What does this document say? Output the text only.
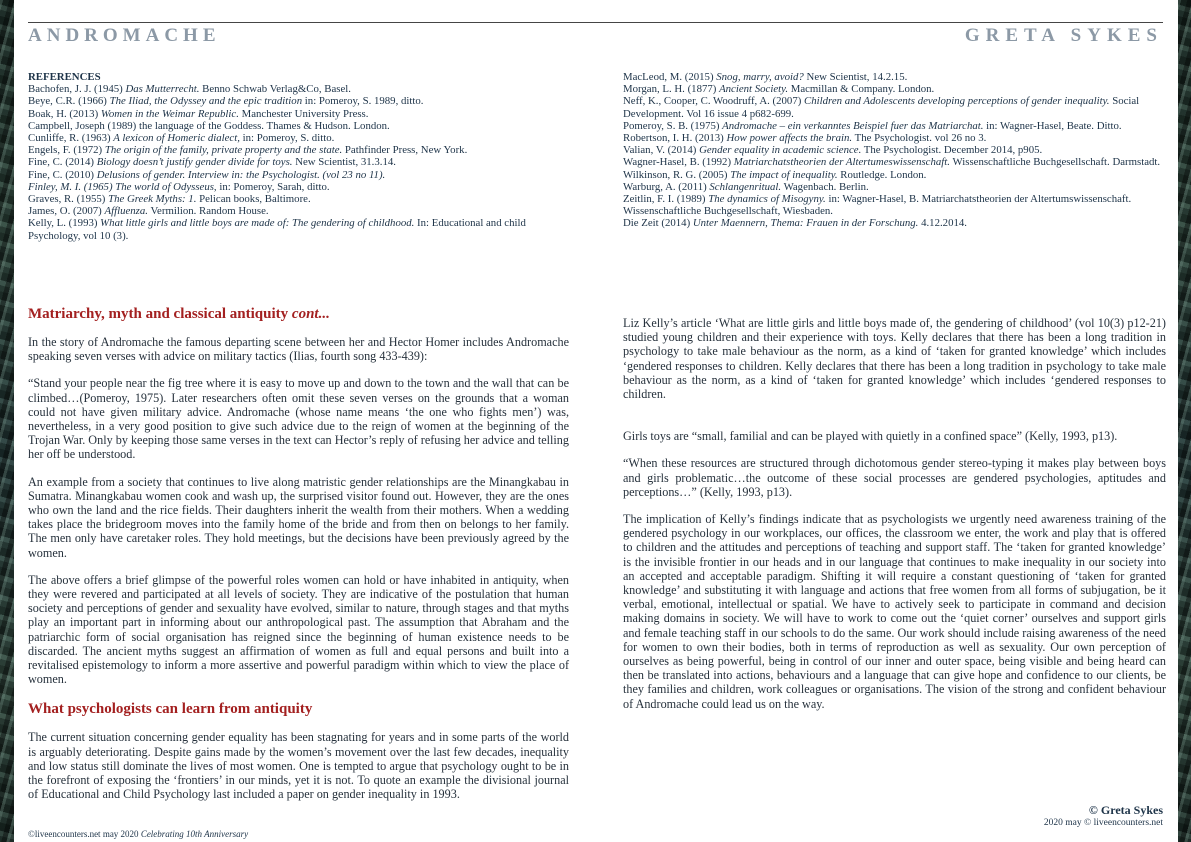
ANDROMACHE	GRETA SYKES
REFERENCES
Bachofen, J. J. (1945) Das Mutterrecht. Benno Schwab Verlag&Co, Basel.
Beye, C.R. (1966) The Iliad, the Odyssey and the epic tradition in: Pomeroy, S. 1989, ditto.
Boak, H. (2013) Women in the Weimar Republic. Manchester University Press.
Campbell, Joseph (1989) the language of the Goddess. Thames & Hudson. London.
Cunliffe, R. (1963) A lexicon of Homeric dialect, in: Pomeroy, S. ditto.
Engels, F. (1972) The origin of the family, private property and the state. Pathfinder Press, New York.
Fine, C. (2014) Biology doesn’t justify gender divide for toys. New Scientist, 31.3.14.
Fine, C. (2010) Delusions of gender. Interview in: the Psychologist. (vol 23 no 11).
Finley, M. I. (1965) The world of Odysseus, in: Pomeroy, Sarah, ditto.
Graves, R. (1955) The Greek Myths: 1. Pelican books, Baltimore.
James, O. (2007) Affluenza. Vermilion. Random House.
Kelly, L. (1993) What little girls and little boys are made of: The gendering of childhood. In: Educational and child Psychology, vol 10 (3).
MacLeod, M. (2015) Snog, marry, avoid? New Scientist, 14.2.15.
Morgan, L. H. (1877) Ancient Society. Macmillan & Company. London.
Neff, K., Cooper, C. Woodruff, A. (2007) Children and Adolescents developing perceptions of gender inequality. Social Development. Vol 16 issue 4 p682-699.
Pomeroy, S. B. (1975) Andromache – ein verkanntes Beispiel fuer das Matriarchat. in: Wagner-Hasel, Beate. Ditto.
Robertson, I. H. (2013) How power affects the brain. The Psychologist. vol 26 no 3.
Valian, V. (2014) Gender equality in academic science. The Psychologist. December 2014, p905.
Wagner-Hasel, B. (1992) Matriarchatstheorien der Altertumeswissenschaft. Wissenschaftliche Buchgesellschaft. Darmstadt.
Wilkinson, R. G. (2005) The impact of inequality. Routledge. London.
Warburg, A. (2011) Schlangenritual. Wagenbach. Berlin.
Zeitlin, F. I. (1989) The dynamics of Misogyny. in: Wagner-Hasel, B. Matriarchatstheorien der Altertumswissenschaft. Wissenschaftliche Buchgesellschaft, Wiesbaden.
Die Zeit (2014) Unter Maennern, Thema: Frauen in der Forschung. 4.12.2014.
Matriarchy, myth and classical antiquity cont...

In the story of Andromache the famous departing scene between her and Hector Homer includes Andromache speaking seven verses with advice on military tactics (Ilias, fourth song 433-439):

“Stand your people near the fig tree where it is easy to move up and down to the town and the wall that can be climbed…(Pomeroy, 1975). Later researchers often omit these seven verses on the grounds that a woman could not have given military advice. Andromache (whose name means ‘the one who fights men’) was, nevertheless, in a very good position to give such advice due to the reign of women at the beginning of the Trojan War. Only by keeping those same verses in the text can Hector’s reply of refusing her advice and telling her off be understood.

An example from a society that continues to live along matristic gender relationships are the Minangkabau in Sumatra. Minangkabau women cook and wash up, the surprised visitor found out. However, they are the ones who own the land and the rice fields. Their daughters inherit the wealth from their mothers. When a wedding takes place the bridegroom moves into the family home of the bride and from then on belongs to her family. The men only have caretaker roles. They hold meetings, but the decisions have been previously agreed by the women.

The above offers a brief glimpse of the powerful roles women can hold or have inhabited in antiquity, when they were revered and participated at all levels of society. They are indicative of the postulation that human society and perceptions of gender and sexuality have evolved, similar to nature, through stages and that myths play an important part in informing about our anthropological past. The assumption that Abraham and the patriarchic form of social organisation has reigned since the beginning of human existence needs to be discarded. The ancient myths suggest an affirmation of women as full and equal persons and built into a revitalised epistemology to inform a more assertive and powerful paradigm within which to view the place of women.

What psychologists can learn from antiquity

The current situation concerning gender equality has been stagnating for years and in some parts of the world is arguably deteriorating. Despite gains made by the women’s movement over the last few decades, inequality and low status still dominate the lives of most women. One is tempted to argue that psychology ought to be in the forefront of exposing the ‘frontiers’ in our minds, yet it is not. To quote an example the divisional journal of Educational and Child Psychology last included a paper on gender inequality in 1993.

Liz Kelly’s article ‘What are little girls and little boys made of, the gendering of childhood’ (vol 10(3) p12-21) studied young children and their experience with toys. Kelly declares that there has been a long tradition in psychology to take male behaviour as the norm, as a kind of ‘taken for granted knowledge’ which includes ‘gendered responses to children. Kelly declares that there has been a long tradition in psychology to take male behaviour as the norm, as a kind of ‘taken for granted knowledge’ which includes ‘gendered responses to children.

Girls toys are “small, familial and can be played with quietly in a confined space” (Kelly, 1993, p13).

“When these resources are structured through dichotomous gender stereo-typing it makes play between boys and girls problematic…the outcome of these social processes are gendered psychologies, aptitudes and perceptions…” (Kelly, 1993, p13).

The implication of Kelly’s findings indicate that as psychologists we urgently need awareness training of the gendered psychology in our workplaces, our offices, the classroom we enter, the work and play that is offered to children and the attitudes and perceptions of teaching and support staff. The ‘taken for granted knowledge’ is the invisible frontier in our heads and in our language that continues to make inequality in our society into an accepted and acceptable paradigm. Shifting it will require a constant questioning of ‘taken for granted knowledge’ and substituting it with language and actions that free women from all forms of subjugation, be it verbal, emotional, intellectual or spatial. We have to actively seek to participate in command and decision making domains in society. We will have to work to come out the ‘quiet corner’ ourselves and support girls and female teaching staff in our schools to do the same. Our work should include raising awareness of the need for women to own their bodies, both in terms of reproduction as well as sexuality. Our own perception of ourselves as being powerful, being in control of our inner and outer space, being visible and being heard can then be translated into actions, behaviours and a language that can give hope and confidence to our clients, be they families and children, work colleagues or organisations. The vision of the strong and confident behaviour of Andromache could lead us on the way.

©liveencounters.net may 2020 Celebrating 10th Anniversary
© Greta Sykes
2020 may © liveencounters.net
